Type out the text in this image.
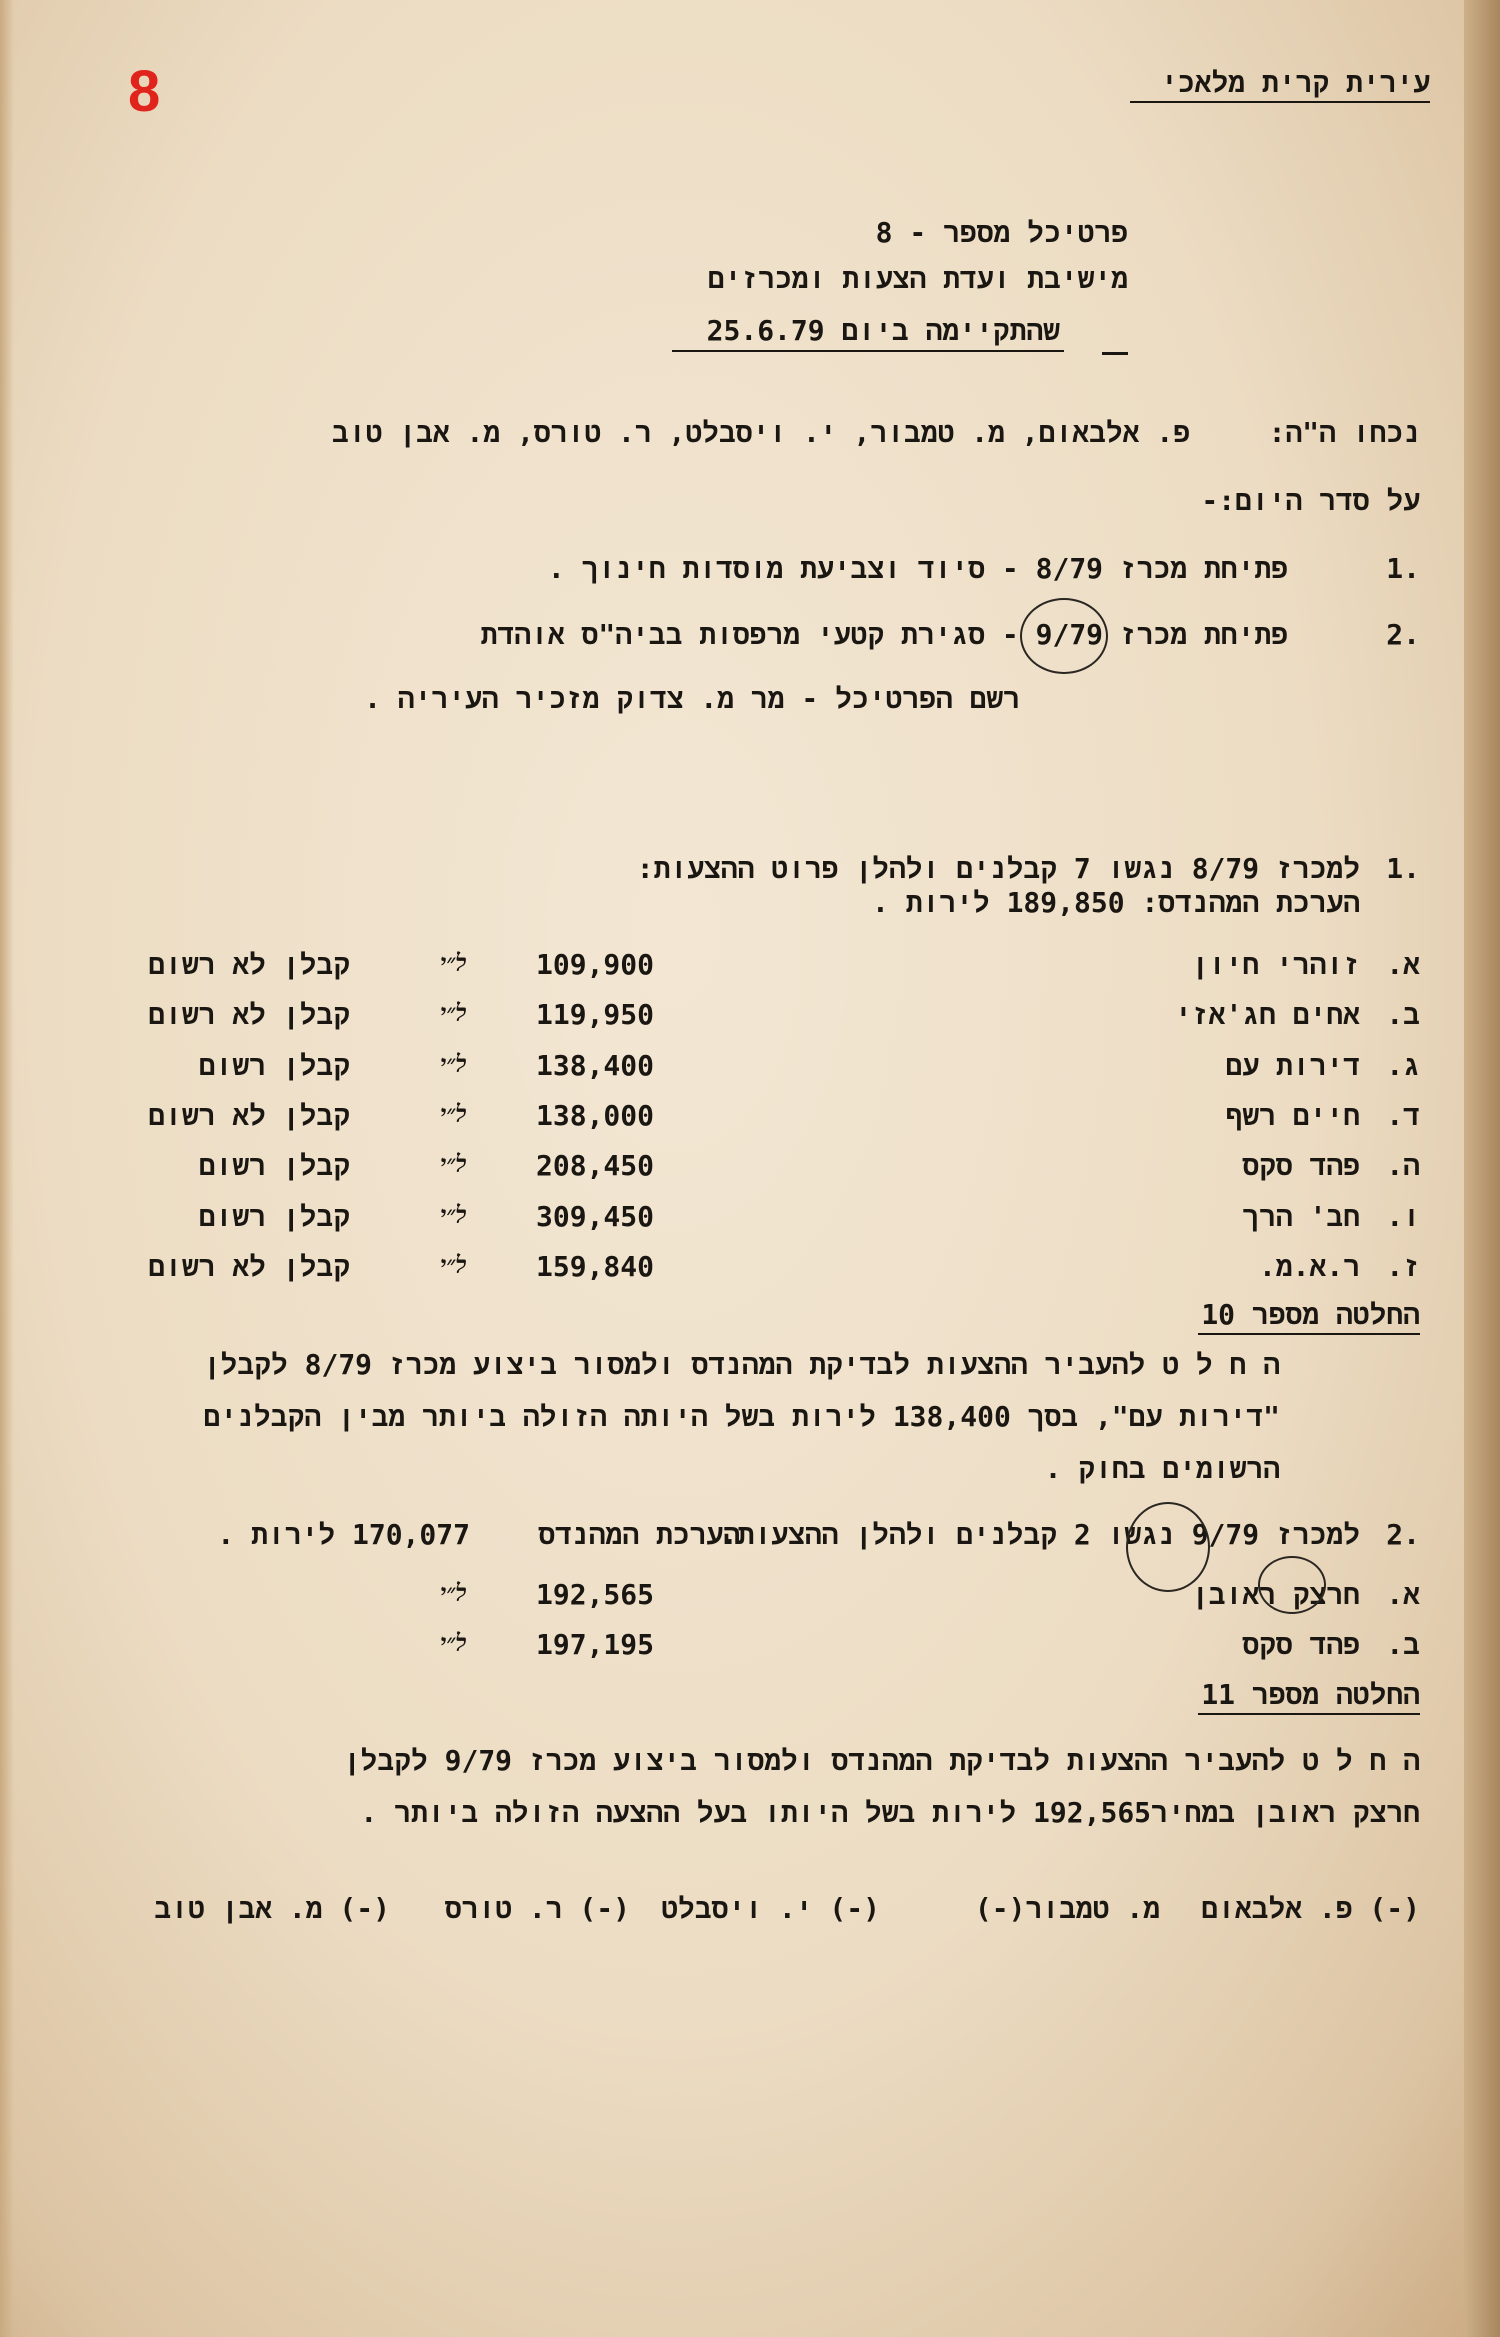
8	עירית קרית מלאכי
פרטיכל מספר - 8
מישיבת ועדת הצעות ומכרזים
שהתקיימה ביום 25.6.79
נכחו ה"ה:
פ. אלבאום, מ. טמבור, י. ויסבלט, ר. טורס, מ. אבן טוב
על סדר היום:-
1.
פתיחת מכרז 8/79 - סיוד וצביעת מוסדות חינוך .
2.
פתיחת מכרז 9/79 - סגירת קטעי מרפסות בביה"ס אוהדת
רשם הפרטיכל - מר מ. צדוק מזכיר העיריה .
1.
למכרז 8/79 נגשו 7 קבלנים ולהלן פרוט ההצעות:
הערכת המהנדס: 189,850 לירות .
א.
זוהרי חיון
109,900
ל״י
קבלן לא רשום
ב.
אחים חג'אזי
119,950
ל״י
קבלן לא רשום
ג.
דירות עם
138,400
ל״י
קבלן רשום
ד.
חיים רשף
138,000
ל״י
קבלן לא רשום
ה.
פהד סקס
208,450
ל״י
קבלן רשום
ו.
חב' הרך
309,450
ל״י
קבלן רשום
ז.
ר.א.מ.
159,840
ל״י
קבלן לא רשום
החלטה מספר 10
ה ח ל ט להעביר ההצעות לבדיקת המהנדס ולמסור ביצוע מכרז 8/79 לקבלן
"דירות עם", בסך 138,400 לירות בשל היותה הזולה ביותר מבין הקבלנים
הרשומים בחוק .
2.
למכרז 9/79 נגשו 2 קבלנים ולהלן ההצעות.
הערכת המהנדס
170,077 לירות .
א.
חרצק ראובן
192,565
ל״י
ב.
פהד סקס
197,195
ל״י
החלטה מספר 11
ה ח ל ט להעביר ההצעות לבדיקת המהנדס ולמסור ביצוע מכרז 9/79 לקבלן
חרצק ראובן במחיר192,565 לירות בשל היותו בעל ההצעה הזולה ביותר .
(-) פ. אלבאום
מ. טמבור(-)
(-) י. ויסבלט
(-) ר. טורס
(-) מ. אבן טוב
